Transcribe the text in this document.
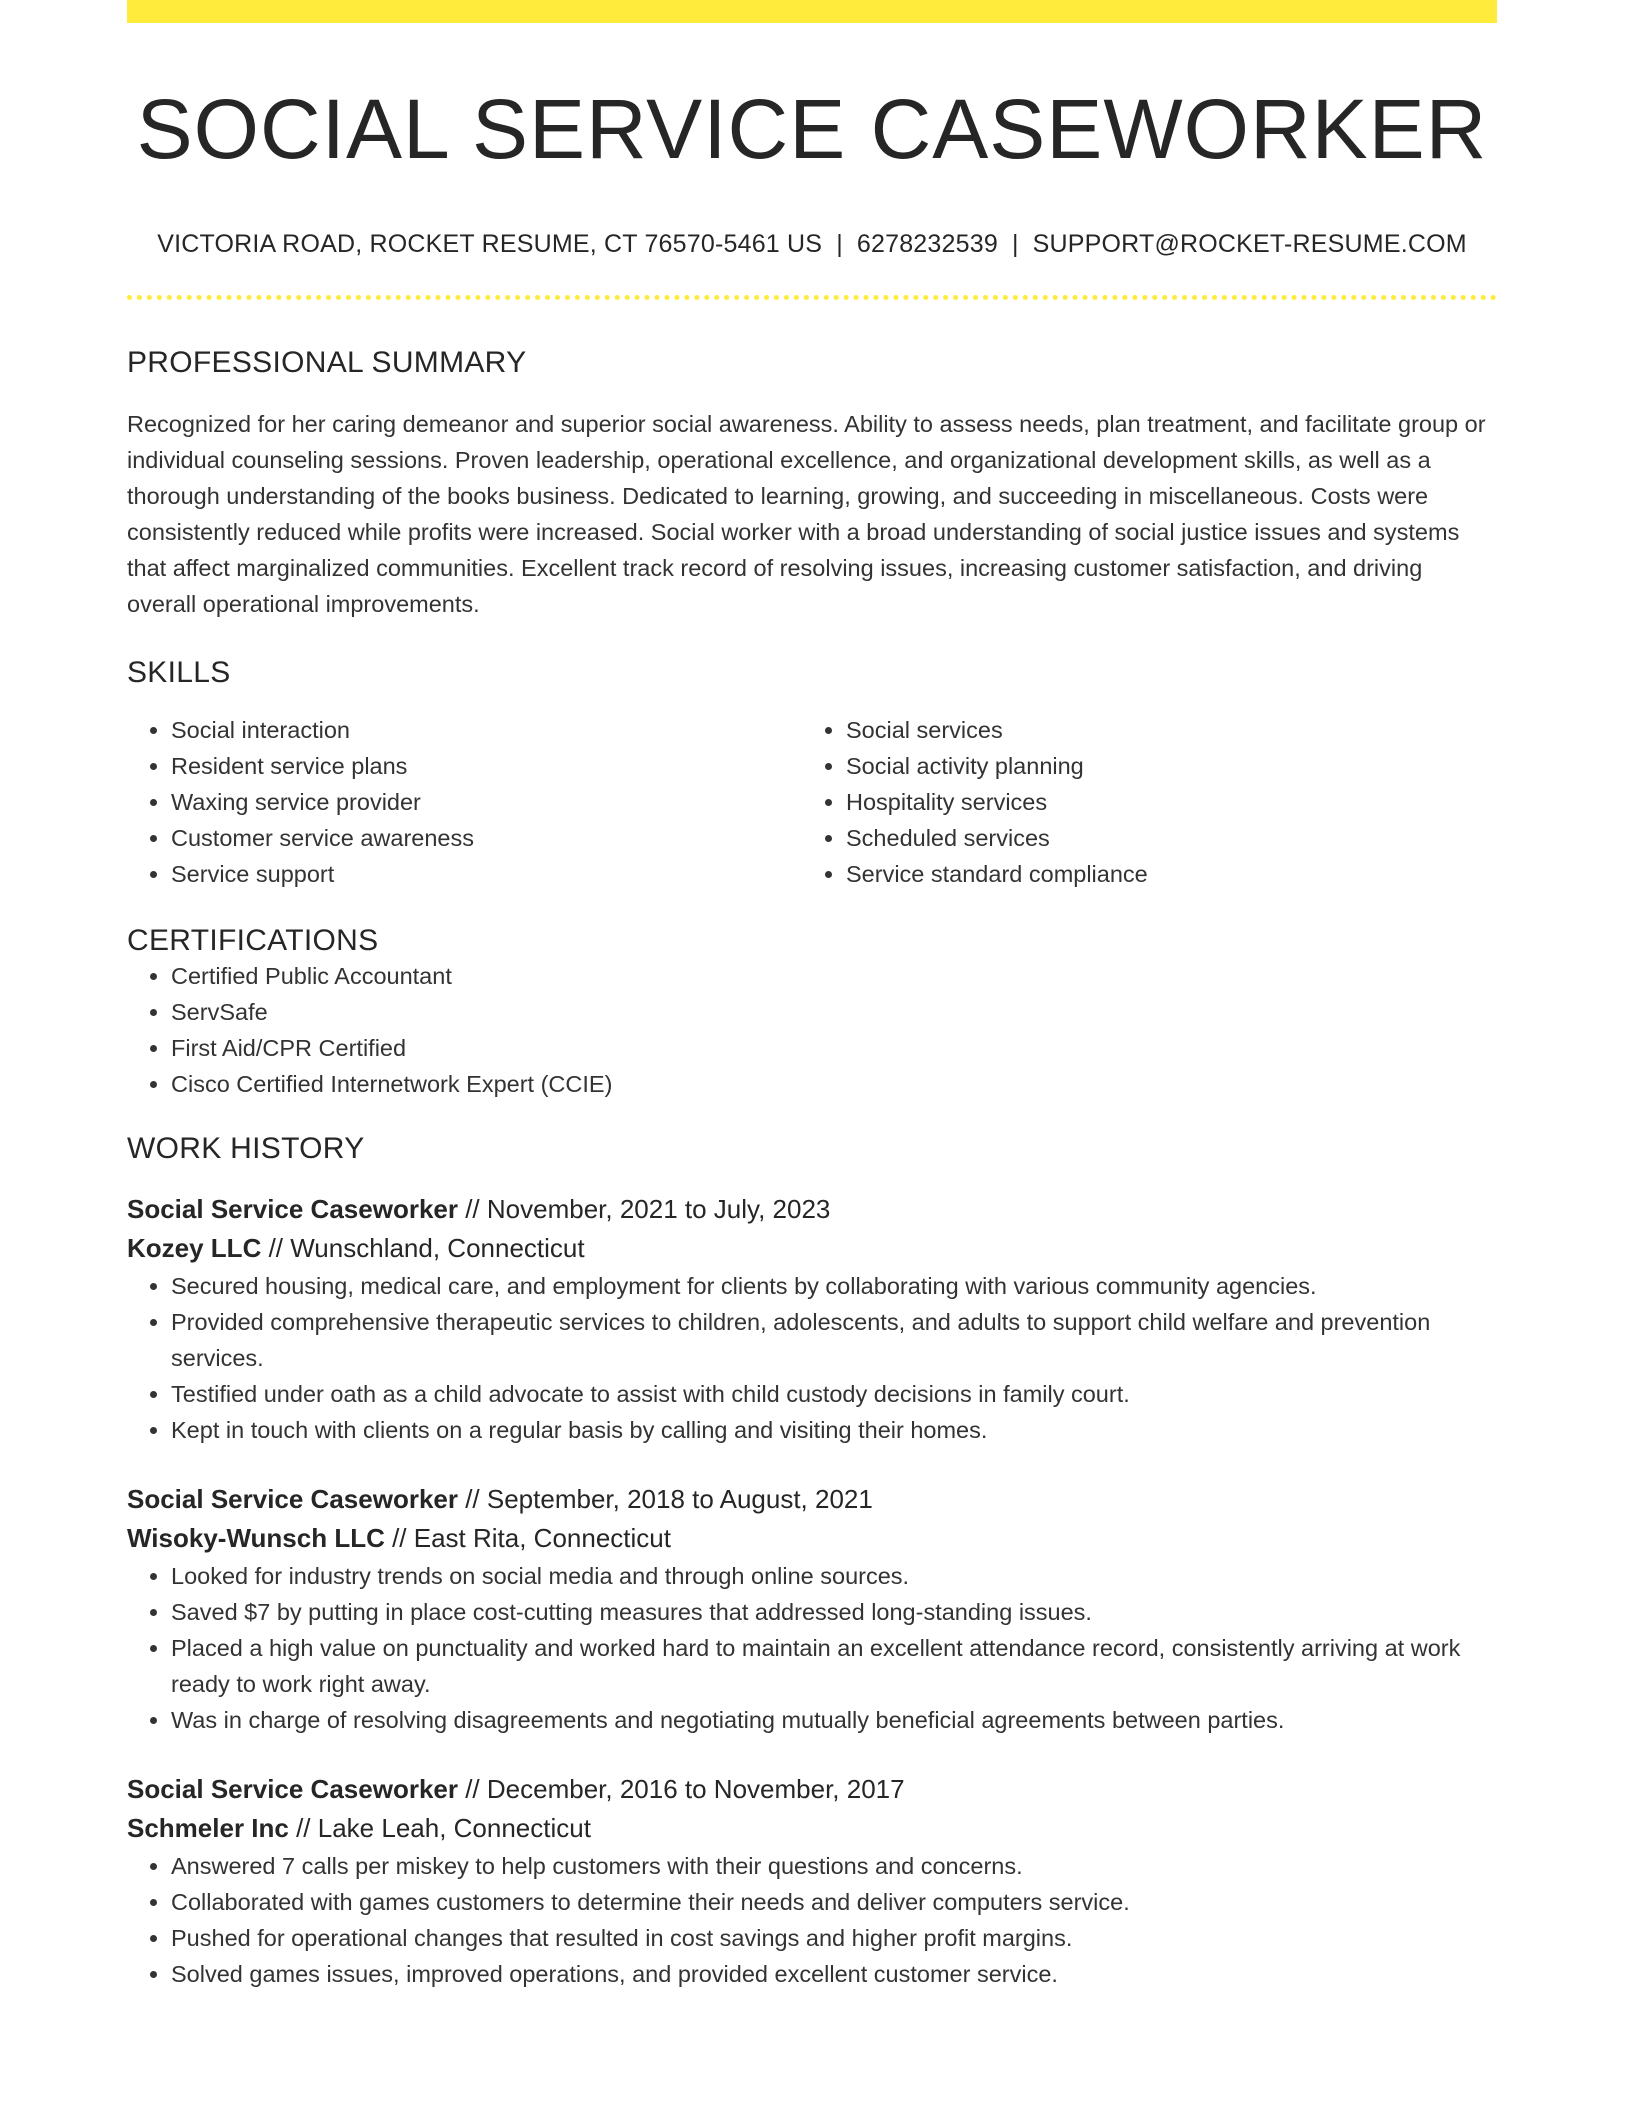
SOCIAL SERVICE CASEWORKER
VICTORIA ROAD, ROCKET RESUME, CT 76570-5461 US | 6278232539 | SUPPORT@ROCKET-RESUME.COM
PROFESSIONAL SUMMARY
Recognized for her caring demeanor and superior social awareness. Ability to assess needs, plan treatment, and facilitate group or individual counseling sessions. Proven leadership, operational excellence, and organizational development skills, as well as a thorough understanding of the books business. Dedicated to learning, growing, and succeeding in miscellaneous. Costs were consistently reduced while profits were increased. Social worker with a broad understanding of social justice issues and systems that affect marginalized communities. Excellent track record of resolving issues, increasing customer satisfaction, and driving overall operational improvements.
SKILLS
• Social interaction
• Resident service plans
• Waxing service provider
• Customer service awareness
• Service support
• Social services
• Social activity planning
• Hospitality services
• Scheduled services
• Service standard compliance
CERTIFICATIONS
• Certified Public Accountant
• ServSafe
• First Aid/CPR Certified
• Cisco Certified Internetwork Expert (CCIE)
WORK HISTORY
Social Service Caseworker // November, 2021 to July, 2023
Kozey LLC // Wunschland, Connecticut
• Secured housing, medical care, and employment for clients by collaborating with various community agencies.
• Provided comprehensive therapeutic services to children, adolescents, and adults to support child welfare and prevention services.
• Testified under oath as a child advocate to assist with child custody decisions in family court.
• Kept in touch with clients on a regular basis by calling and visiting their homes.
Social Service Caseworker // September, 2018 to August, 2021
Wisoky-Wunsch LLC // East Rita, Connecticut
• Looked for industry trends on social media and through online sources.
• Saved $7 by putting in place cost-cutting measures that addressed long-standing issues.
• Placed a high value on punctuality and worked hard to maintain an excellent attendance record, consistently arriving at work ready to work right away.
• Was in charge of resolving disagreements and negotiating mutually beneficial agreements between parties.
Social Service Caseworker // December, 2016 to November, 2017
Schmeler Inc // Lake Leah, Connecticut
• Answered 7 calls per miskey to help customers with their questions and concerns.
• Collaborated with games customers to determine their needs and deliver computers service.
• Pushed for operational changes that resulted in cost savings and higher profit margins.
• Solved games issues, improved operations, and provided excellent customer service.
